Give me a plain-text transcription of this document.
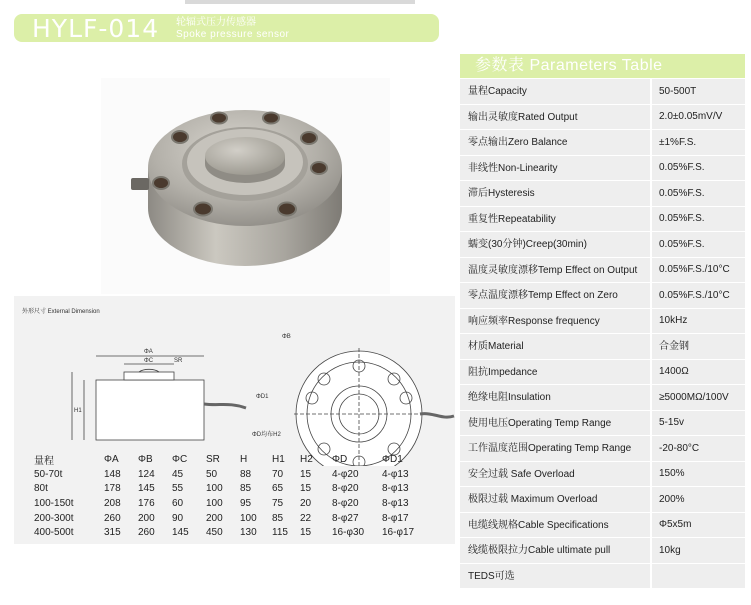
HYLF-014 轮辐式压力传感器
Spoke pressure sensor
外形尺寸 External Dimension
ΦA
ΦC	SR
H1
ΦB
ΦD1
ΦD均布H2
量程	ΦA	ΦB	ΦC	SR	H	H1	H2	ΦD	ΦD1
50-70t	148	124	45	50	88	70	15	4-φ20	4-φ13
80t	178	145	55	100	85	65	15	8-φ20	8-φ13
100-150t	208	176	60	100	95	75	20	8-φ20	8-φ13
200-300t	260	200	90	200	100	85	22	8-φ27	8-φ17
400-500t	315	260	145	450	130	115	15	16-φ30	16-φ17
参数表 Parameters Table
量程Capacity	50-500T
输出灵敏度Rated Output	2.0±0.05mV/V
零点输出Zero Balance	±1%F.S.
非线性Non-Linearity	0.05%F.S.
滞后Hysteresis	0.05%F.S.
重复性Repeatability	0.05%F.S.
蠕变(30分钟)Creep(30min)	0.05%F.S.
温度灵敏度漂移Temp Effect on Output	0.05%F.S./10°C
零点温度漂移Temp Effect on Zero	0.05%F.S./10°C
响应频率Response frequency	10kHz
材质Material	合金钢
阻抗Impedance	1400Ω
绝缘电阻Insulation	≥5000MΩ/100V
使用电压Operating Temp Range	5-15v
工作温度范围Operating Temp Range	-20-80°C
安全过载 Safe Overload	150%
极限过载 Maximum Overload	200%
电缆线规格Cable Specifications	Φ5x5m
线缆极限拉力Cable ultimate pull	10kg
TEDS可选
